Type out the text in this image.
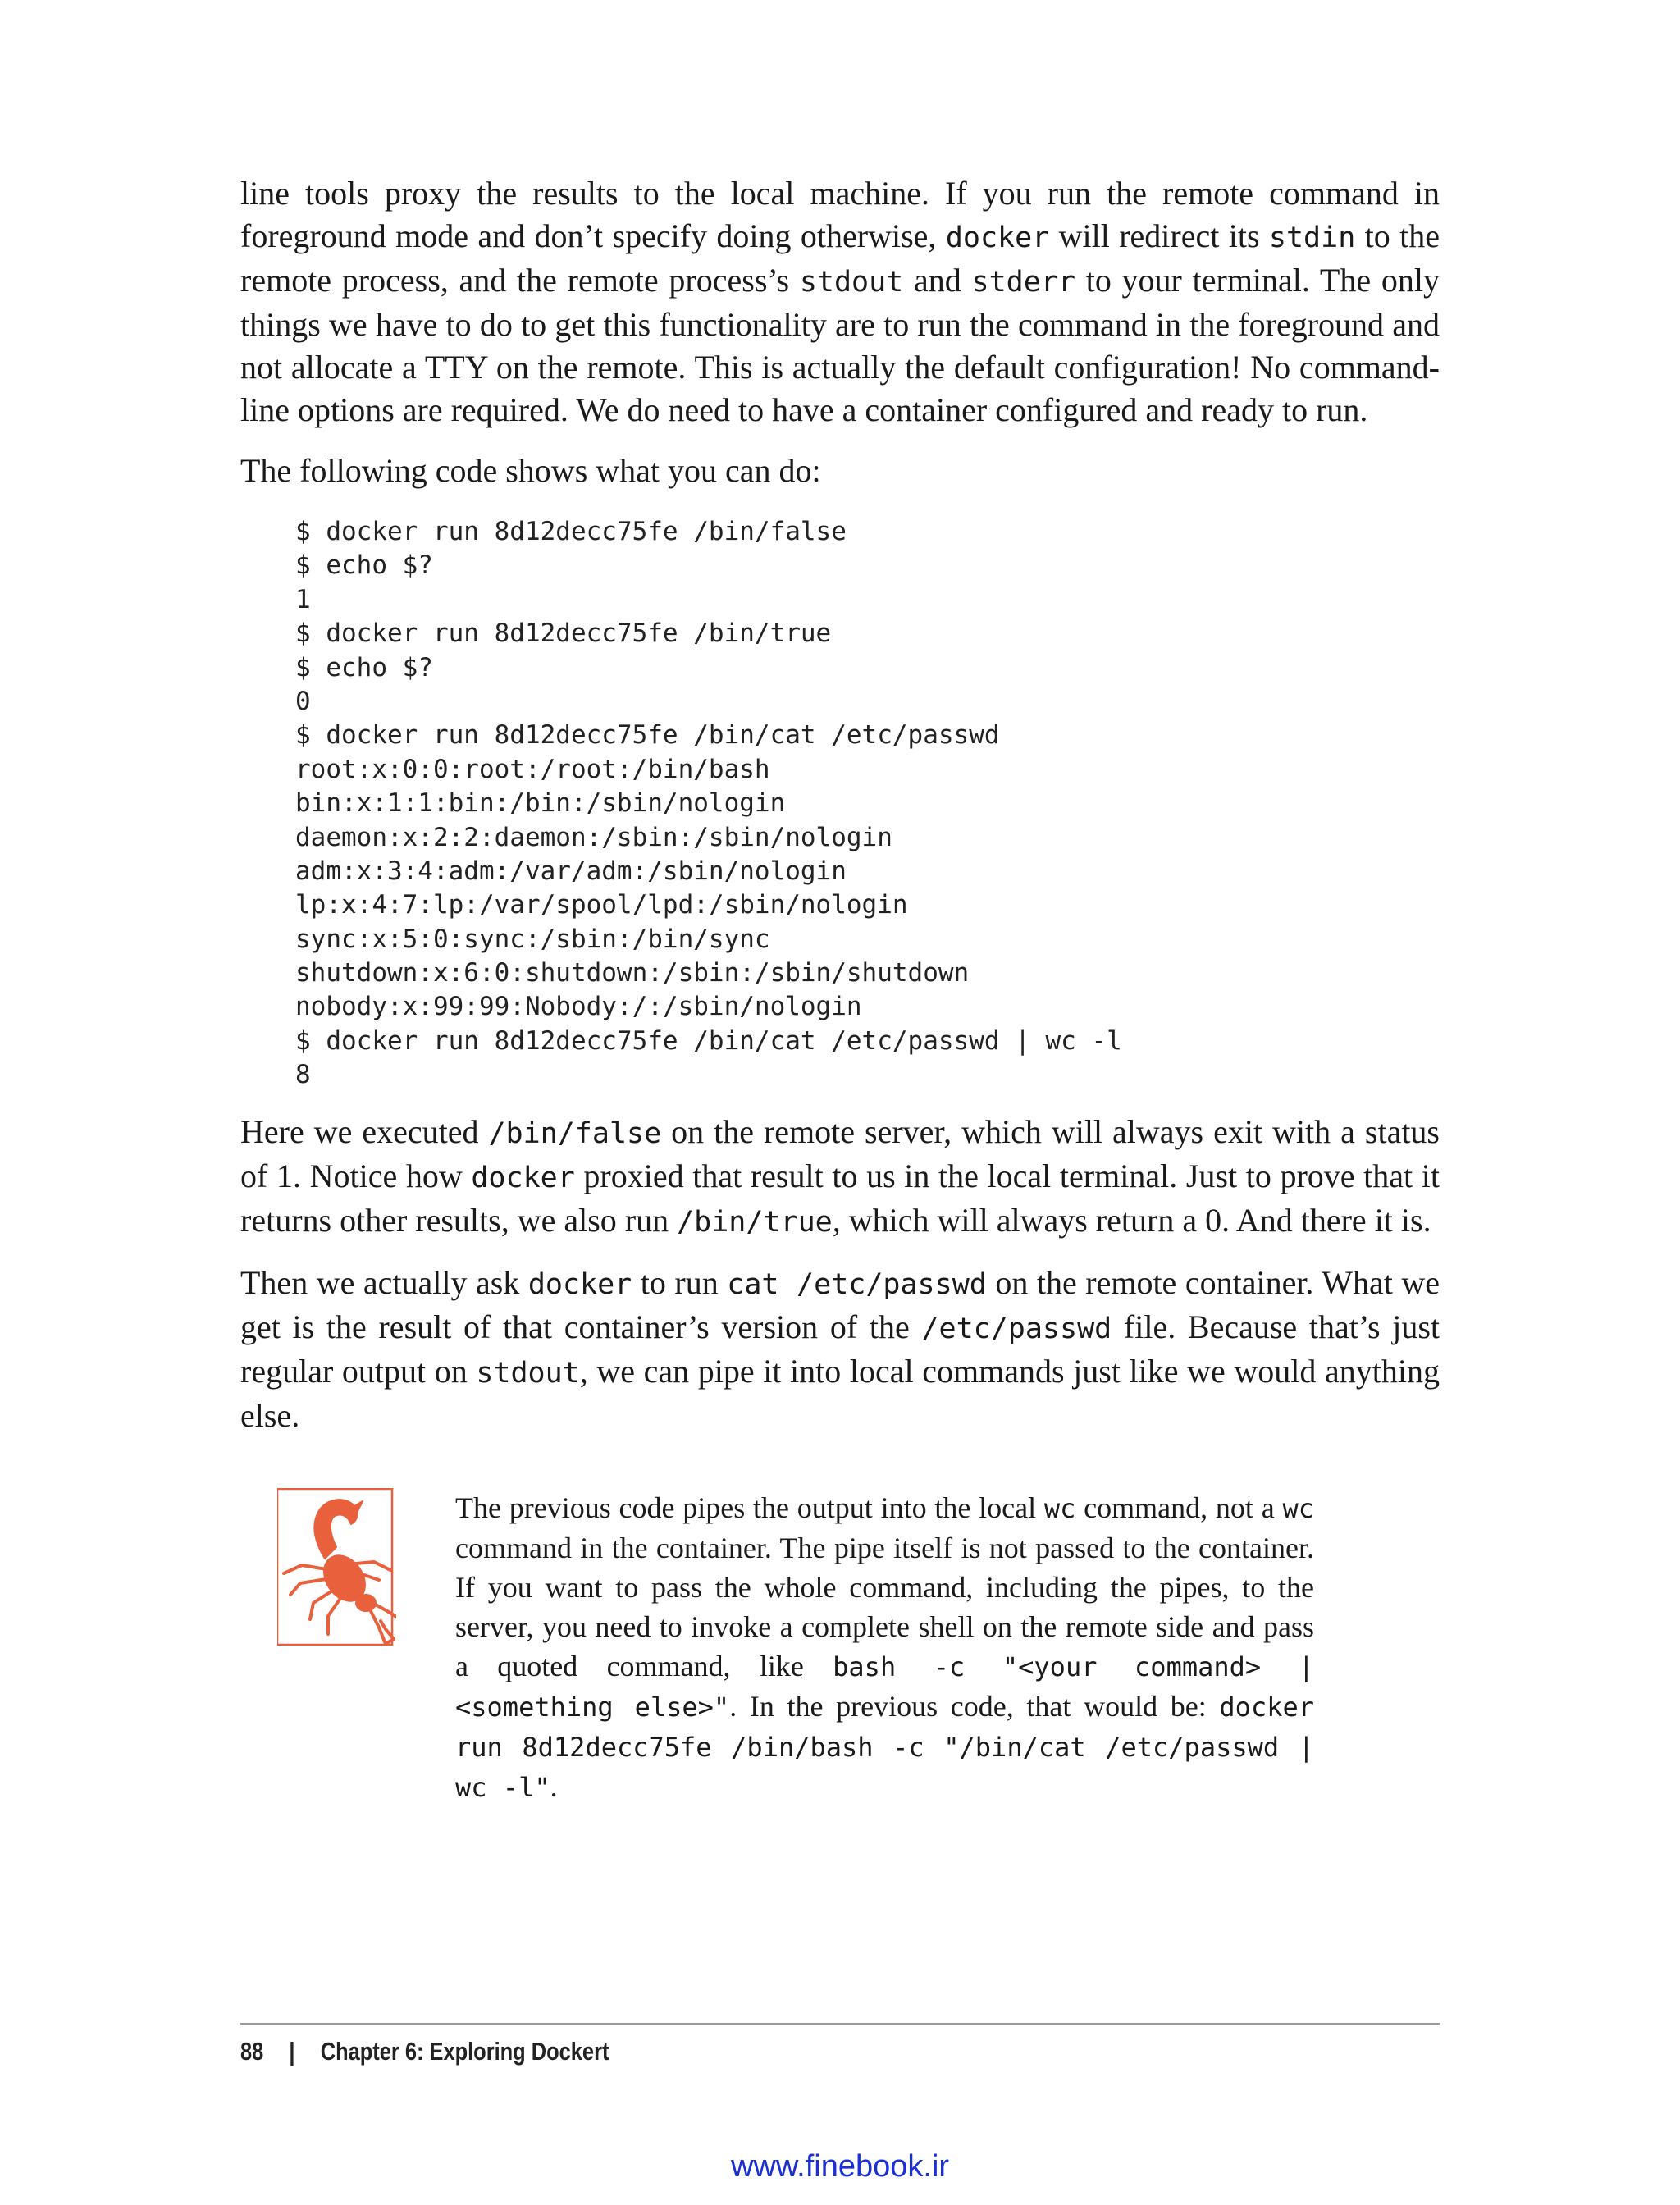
line tools proxy the results to the local machine. If you run the remote command in foreground mode and don’t specify doing otherwise, docker will redirect its stdin to the remote process, and the remote process’s stdout and stderr to your terminal. The only things we have to do to get this functionality are to run the command in the foreground and not allocate a TTY on the remote. This is actually the default configuration! No command-line options are required. We do need to have a container configured and ready to run.

The following code shows what you can do:

$ docker run 8d12decc75fe /bin/false
$ echo $?
1
$ docker run 8d12decc75fe /bin/true
$ echo $?
0
$ docker run 8d12decc75fe /bin/cat /etc/passwd
root:x:0:0:root:/root:/bin/bash
bin:x:1:1:bin:/bin:/sbin/nologin
daemon:x:2:2:daemon:/sbin:/sbin/nologin
adm:x:3:4:adm:/var/adm:/sbin/nologin
lp:x:4:7:lp:/var/spool/lpd:/sbin/nologin
sync:x:5:0:sync:/sbin:/bin/sync
shutdown:x:6:0:shutdown:/sbin:/sbin/shutdown
nobody:x:99:99:Nobody:/:/sbin/nologin
$ docker run 8d12decc75fe /bin/cat /etc/passwd | wc -l
8

Here we executed /bin/false on the remote server, which will always exit with a status of 1. Notice how docker proxied that result to us in the local terminal. Just to prove that it returns other results, we also run /bin/true, which will always return a 0. And there it is.

Then we actually ask docker to run cat /etc/passwd on the remote container. What we get is the result of that container’s version of the /etc/passwd file. Because that’s just regular output on stdout, we can pipe it into local commands just like we would anything else.

The previous code pipes the output into the local wc command, not a wc command in the container. The pipe itself is not passed to the container. If you want to pass the whole command, including the pipes, to the server, you need to invoke a complete shell on the remote side and pass a quoted command, like bash -c "<your command> | <something else>". In the previous code, that would be: docker run 8d12decc75fe /bin/bash -c "/bin/cat /etc/passwd | wc -l".
88 | Chapter 6: Exploring Dockert
www.finebook.ir
